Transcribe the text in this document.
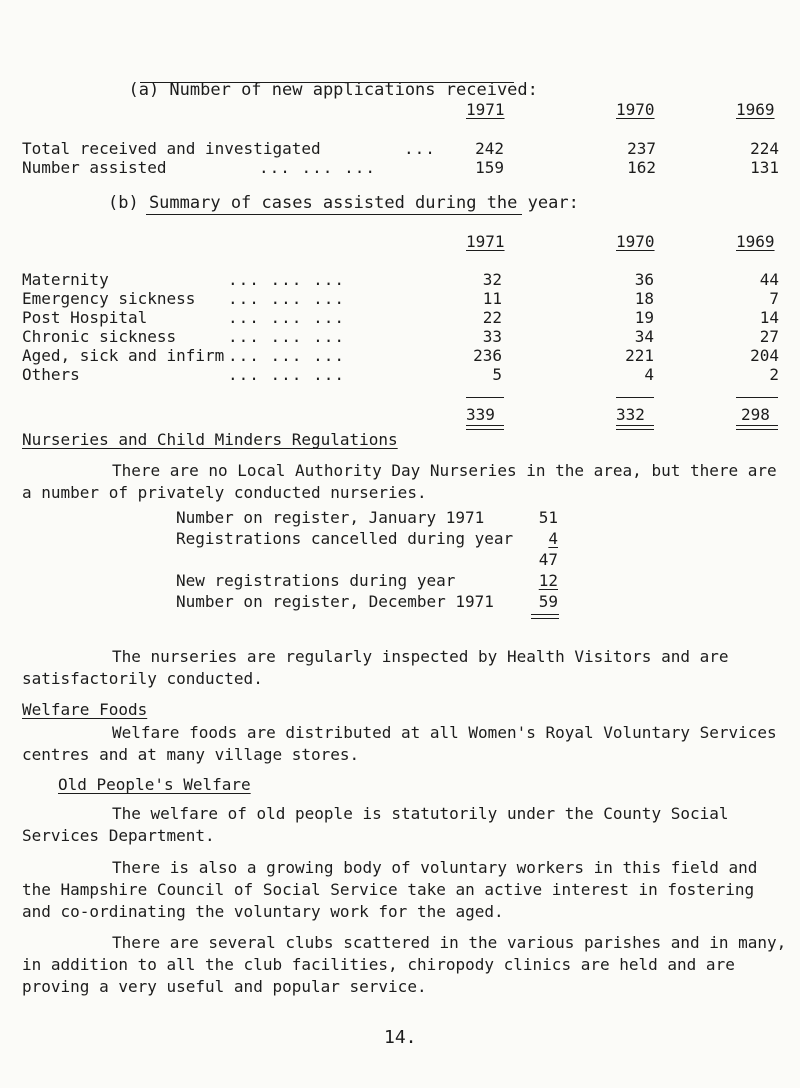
(a) Number of new applications received:

1971	1970	1969
Total received and investigated	...	242	237	224
Number assisted	... ... ...	159	162	131
(b) Summary of cases assisted during the year:
1971	1970	1969
Maternity	... ... ...	32	36	44
Emergency sickness ... ... ...	11	18	7
Post Hospital	... ... ...	22	19	14
Chronic sickness	... ... ...	33	34	27
Aged, sick and infirm ... ... ...	236	221	204
Others	... ... ...	5	4	2
339	332	298
Nurseries and Child Minders Regulations
There are no Local Authority Day Nurseries in the area, but there are a number of privately conducted nurseries.
Number on register, January 1971	51
Registrations cancelled during year	4
47
New registrations during year	12
Number on register, December 1971	59
The nurseries are regularly inspected by Health Visitors and are satisfactorily conducted.
Welfare Foods
Welfare foods are distributed at all Women's Royal Voluntary Services centres and at many village stores.
Old People's Welfare
The welfare of old people is statutorily under the County Social Services Department.
There is also a growing body of voluntary workers in this field and the Hampshire Council of Social Service take an active interest in fostering and co-ordinating the voluntary work for the aged.
There are several clubs scattered in the various parishes and in many, in addition to all the club facilities, chiropody clinics are held and are proving a very useful and popular service.
14.
